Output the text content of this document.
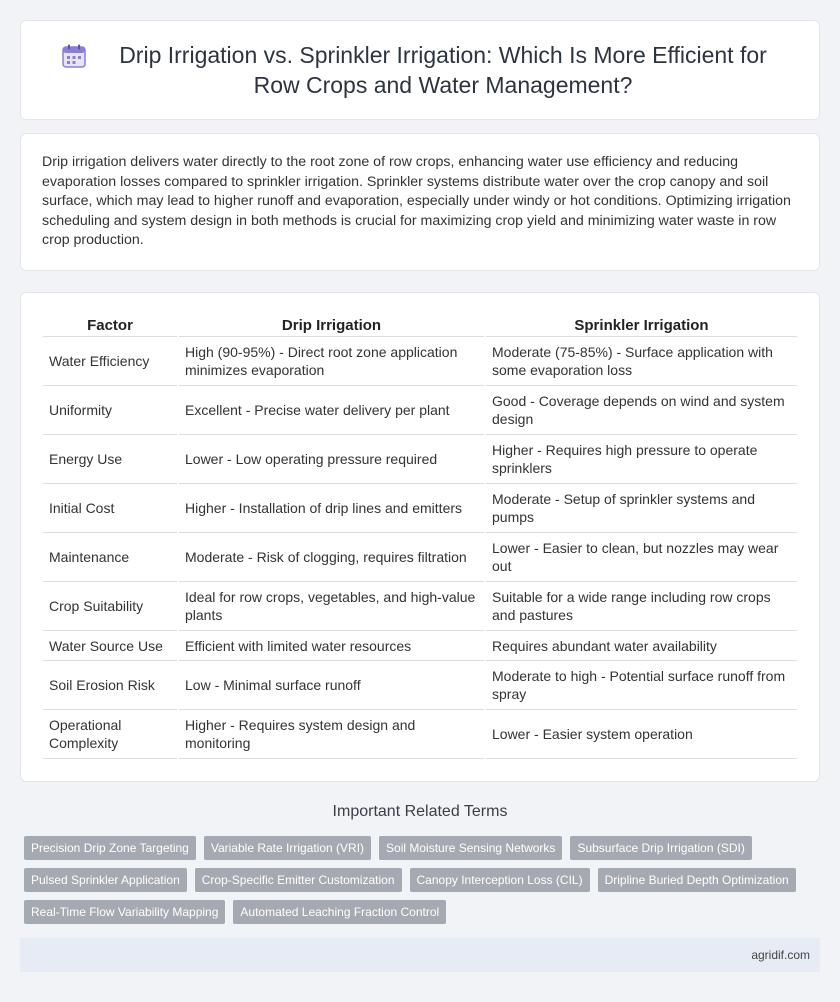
Drip Irrigation vs. Sprinkler Irrigation: Which Is More Efficient for Row Crops and Water Management?

Drip irrigation delivers water directly to the root zone of row crops, enhancing water use efficiency and reducing evaporation losses compared to sprinkler irrigation. Sprinkler systems distribute water over the crop canopy and soil surface, which may lead to higher runoff and evaporation, especially under windy or hot conditions. Optimizing irrigation scheduling and system design in both methods is crucial for maximizing crop yield and minimizing water waste in row crop production.

Factor	Drip Irrigation	Sprinkler Irrigation
Water Efficiency	High (90-95%) - Direct root zone application minimizes evaporation	Moderate (75-85%) - Surface application with some evaporation loss
Uniformity	Excellent - Precise water delivery per plant	Good - Coverage depends on wind and system design
Energy Use	Lower - Low operating pressure required	Higher - Requires high pressure to operate sprinklers
Initial Cost	Higher - Installation of drip lines and emitters	Moderate - Setup of sprinkler systems and pumps
Maintenance	Moderate - Risk of clogging, requires filtration	Lower - Easier to clean, but nozzles may wear out
Crop Suitability	Ideal for row crops, vegetables, and high-value plants	Suitable for a wide range including row crops and pastures
Water Source Use	Efficient with limited water resources	Requires abundant water availability
Soil Erosion Risk	Low - Minimal surface runoff	Moderate to high - Potential surface runoff from spray
Operational Complexity	Higher - Requires system design and monitoring	Lower - Easier system operation
Important Related Terms
Precision Drip Zone Targeting	Variable Rate Irrigation (VRI)	Soil Moisture Sensing Networks	Subsurface Drip Irrigation (SDI)
Pulsed Sprinkler Application	Crop-Specific Emitter Customization	Canopy Interception Loss (CIL)	Dripline Buried Depth Optimization
Real-Time Flow Variability Mapping	Automated Leaching Fraction Control
agridif.com
